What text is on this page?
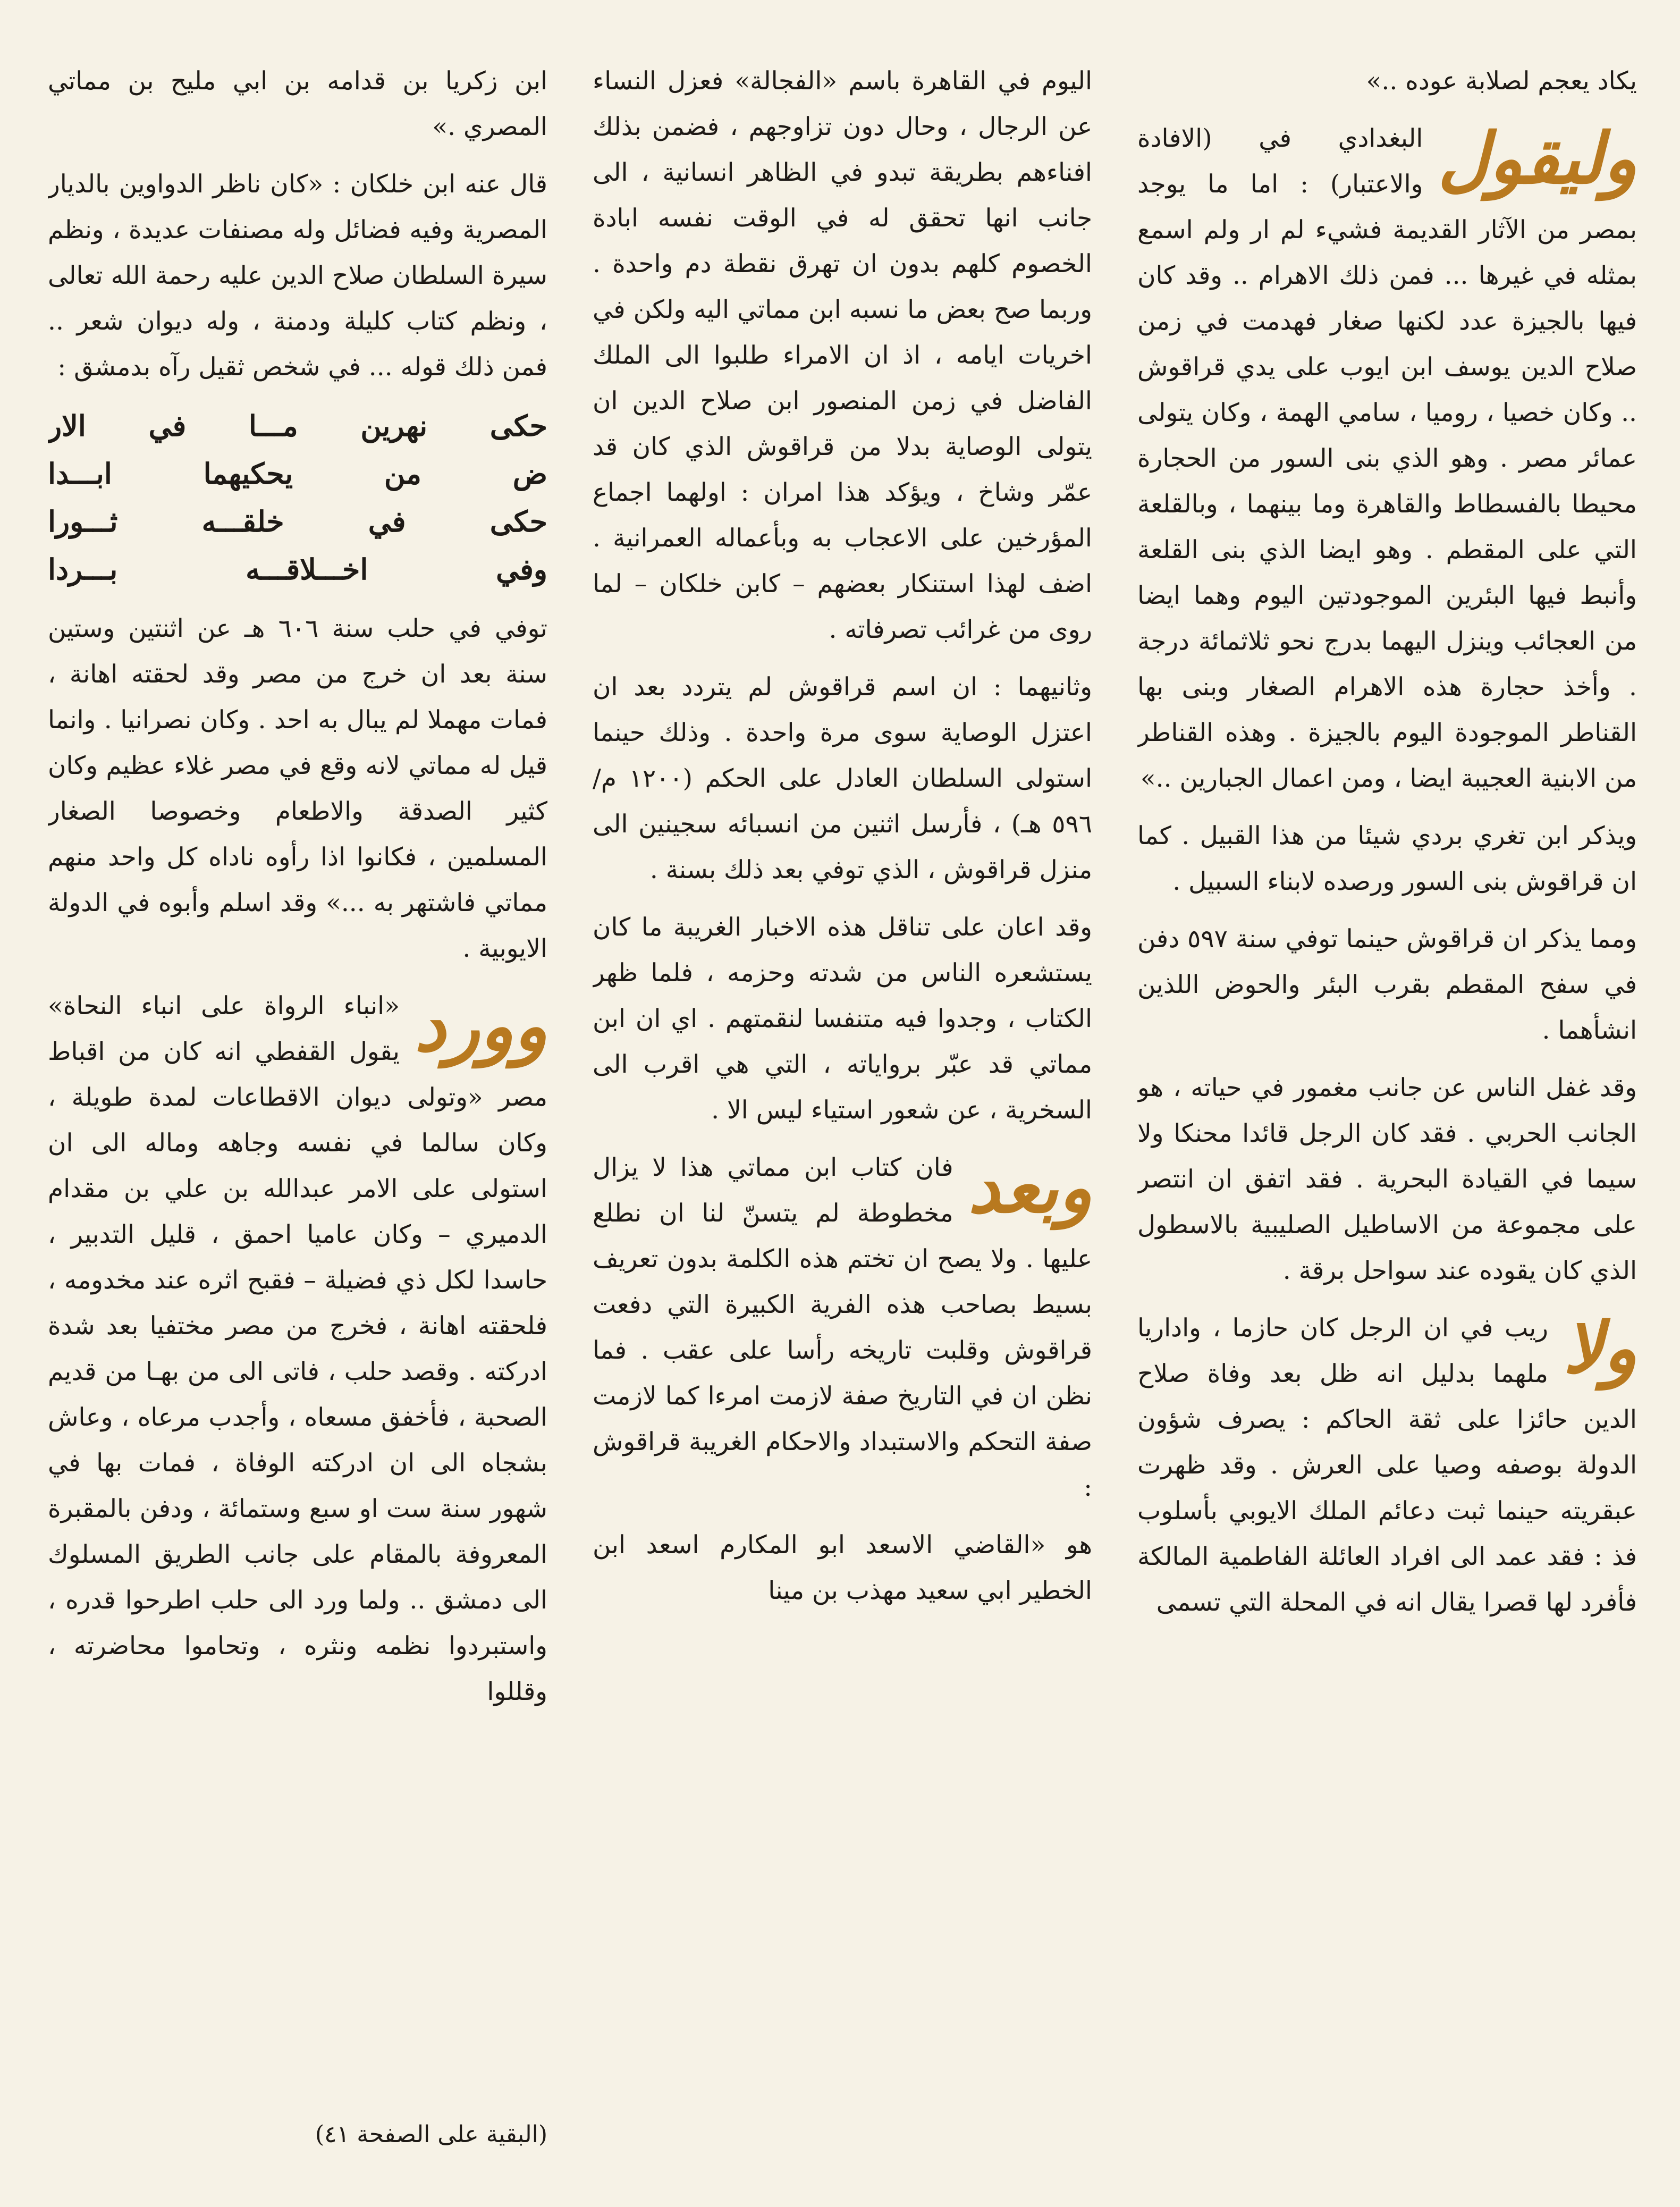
يكاد يعجم لصلابة عوده ..»

وليقول
البغدادي في (الافادة والاعتبار) : اما ما يوجد بمصر من الآثار القديمة فشيء لم ار ولم اسمع بمثله في غيرها ... فمن ذلك الاهرام .. وقد كان فيها بالجيزة عدد لكنها صغار فهدمت في زمن صلاح الدين يوسف ابن ايوب على يدي قراقوش .. وكان خصيا ، روميا ، سامي الهمة ، وكان يتولى عمائر مصر . وهو الذي بنى السور من الحجارة محيطا بالفسطاط والقاهرة وما بينهما ، وبالقلعة التي على المقطم . وهو ايضا الذي بنى القلعة وأنبط فيها البئرين الموجودتين اليوم وهما ايضا من العجائب وينزل اليهما بدرج نحو ثلاثمائة درجة . وأخذ حجارة هذه الاهرام الصغار وبنى بها القناطر الموجودة اليوم بالجيزة . وهذه القناطر من الابنية العجيبة ايضا ، ومن اعمال الجبارين ..»

ويذكر ابن تغري بردي شيئا من هذا القبيل . كما ان قراقوش بنى السور ورصده لابناء السبيل .

ومما يذكر ان قراقوش حينما توفي سنة ٥٩٧ دفن في سفح المقطم بقرب البئر والحوض اللذين انشأهما .

وقد غفل الناس عن جانب مغمور في حياته ، هو الجانب الحربي . فقد كان الرجل قائدا محنكا ولا سيما في القيادة البحرية . فقد اتفق ان انتصر على مجموعة من الاساطيل الصليبية بالاسطول الذي كان يقوده عند سواحل برقة .

ولا
ريب في ان الرجل كان حازما ، واداريا ملهما بدليل انه ظل بعد وفاة صلاح الدين حائزا على ثقة الحاكم : يصرف شؤون الدولة بوصفه وصيا على العرش . وقد ظهرت عبقريته حينما ثبت دعائم الملك الايوبي بأسلوب فذ : فقد عمد الى افراد العائلة الفاطمية المالكة فأفرد لها قصرا يقال انه في المحلة التي تسمى

اليوم في القاهرة باسم «الفجالة» فعزل النساء عن الرجال ، وحال دون تزاوجهم ، فضمن بذلك افناءهم بطريقة تبدو في الظاهر انسانية ، الى جانب انها تحقق له في الوقت نفسه ابادة الخصوم كلهم بدون ان تهرق نقطة دم واحدة . وربما صح بعض ما نسبه ابن مماتي اليه ولكن في اخريات ايامه ، اذ ان الامراء طلبوا الى الملك الفاضل في زمن المنصور ابن صلاح الدين ان يتولى الوصاية بدلا من قراقوش الذي كان قد عمّر وشاخ ، ويؤكد هذا امران : اولهما اجماع المؤرخين على الاعجاب به وبأعماله العمرانية . اضف لهذا استنكار بعضهم – كابن خلكان – لما روى من غرائب تصرفاته .

وثانيهما : ان اسم قراقوش لم يتردد بعد ان اعتزل الوصاية سوى مرة واحدة . وذلك حينما استولى السلطان العادل على الحكم (١٢٠٠ م/٥٩٦ هـ) ، فأرسل اثنين من انسبائه سجينين الى منزل قراقوش ، الذي توفي بعد ذلك بسنة .

وقد اعان على تناقل هذه الاخبار الغريبة ما كان يستشعره الناس من شدته وحزمه ، فلما ظهر الكتاب ، وجدوا فيه متنفسا لنقمتهم . اي ان ابن مماتي قد عبّر برواياته ، التي هي اقرب الى السخرية ، عن شعور استياء ليس الا .

وبعد
فان كتاب ابن مماتي هذا لا يزال مخطوطة لم يتسنّ لنا ان نطلع عليها . ولا يصح ان تختم هذه الكلمة بدون تعريف بسيط بصاحب هذه الفرية الكبيرة التي دفعت قراقوش وقلبت تاريخه رأسا على عقب . فما نظن ان في التاريخ صفة لازمت امرءا كما لازمت صفة التحكم والاستبداد والاحكام الغريبة قراقوش :

هو «القاضي الاسعد ابو المكارم اسعد ابن الخطير ابي سعيد مهذب بن مينا

ابن زكريا بن قدامه بن ابي مليح بن مماتي المصري .»

قال عنه ابن خلكان : «كان ناظر الدواوين بالديار المصرية وفيه فضائل وله مصنفات عديدة ، ونظم سيرة السلطان صلاح الدين عليه رحمة الله تعالى ، ونظم كتاب كليلة ودمنة ، وله ديوان شعر .. فمن ذلك قوله ... في شخص ثقيل رآه بدمشق :

حكى نهرين مـــا في الار
ض من يحكيهما ابـــدا
حكى في خلقـــه ثـــورا
وفي اخـــلاقـــه بـــردا

توفي في حلب سنة ٦٠٦ هـ عن اثنتين وستين سنة بعد ان خرج من مصر وقد لحقته اهانة ، فمات مهملا لم يبال به احد . وكان نصرانيا . وانما قيل له مماتي لانه وقع في مصر غلاء عظيم وكان كثير الصدقة والاطعام وخصوصا الصغار المسلمين ، فكانوا اذا رأوه ناداه كل واحد منهم مماتي فاشتهر به ...» وقد اسلم وأبوه في الدولة الايوبية .

وورد
«انباء الرواة على انباء النحاة» يقول القفطي انه كان من اقباط مصر «وتولى ديوان الاقطاعات لمدة طويلة ، وكان سالما في نفسه وجاهه وماله الى ان استولى على الامر عبدالله بن علي بن مقدام الدميري – وكان عاميا احمق ، قليل التدبير ، حاسدا لكل ذي فضيلة – فقبح اثره عند مخدومه ، فلحقته اهانة ، فخرج من مصر مختفيا بعد شدة ادركته . وقصد حلب ، فاتى الى من بهـا من قديم الصحبة ، فأخفق مسعاه ، وأجدب مرعاه ، وعاش بشجاه الى ان ادركته الوفاة ، فمات بها في شهور سنة ست او سبع وستمائة ، ودفن بالمقبرة المعروفة بالمقام على جانب الطريق المسلوك الى دمشق .. ولما ورد الى حلب اطرحوا قدره ، واستبردوا نظمه ونثره ، وتحاموا محاضرته ، وقللوا

(البقية على الصفحة ٤١)
